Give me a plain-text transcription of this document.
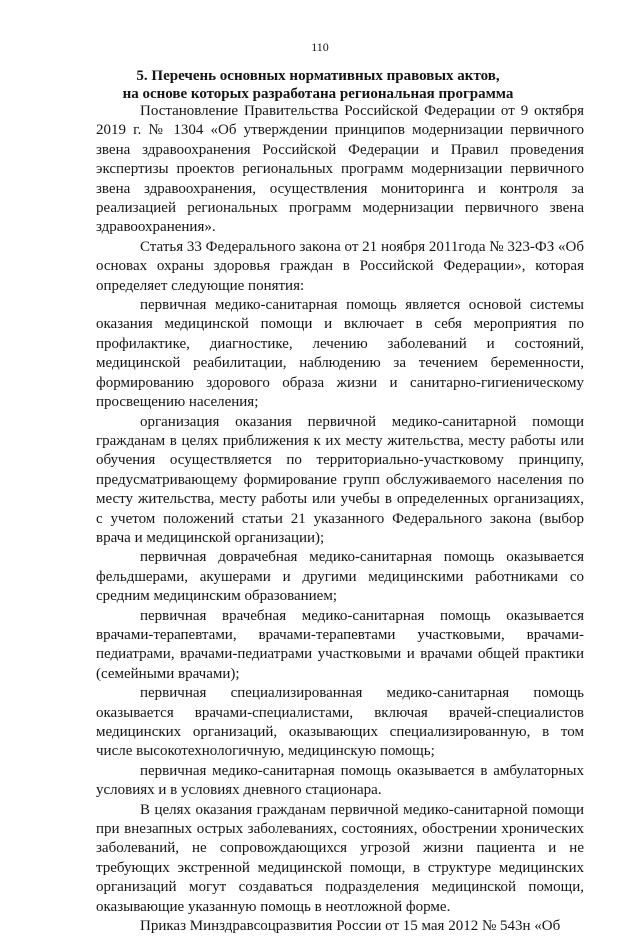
110
5. Перечень основных нормативных правовых актов,
на основе которых разработана региональная программа

Постановление Правительства Российской Федерации от 9 октября 2019 г. № 1304 «Об утверждении принципов модернизации первичного звена здравоохранения Российской Федерации и Правил проведения экспертизы проектов региональных программ модернизации первичного звена здравоохранения, осуществления мониторинга и контроля за реализацией региональных программ модернизации первичного звена здравоохранения».

Статья 33 Федерального закона от 21 ноября 2011года № 323-ФЗ «Об основах охраны здоровья граждан в Российской Федерации», которая определяет следующие понятия:

первичная медико-санитарная помощь является основой системы оказания медицинской помощи и включает в себя мероприятия по профилактике, диагностике, лечению заболеваний и состояний, медицинской реабилитации, наблюдению за течением беременности, формированию здорового образа жизни и санитарно-гигиеническому просвещению населения;

организация оказания первичной медико-санитарной помощи гражданам в целях приближения к их месту жительства, месту работы или обучения осуществляется по территориально-участковому принципу, предусматривающему формирование групп обслуживаемого населения по месту жительства, месту работы или учебы в определенных организациях, с учетом положений статьи 21 указанного Федерального закона (выбор врача и медицинской организации);

первичная доврачебная медико-санитарная помощь оказывается фельдшерами, акушерами и другими медицинскими работниками со средним медицинским образованием;

первичная врачебная медико-санитарная помощь оказывается врачами-терапевтами, врачами-терапевтами участковыми, врачами-педиатрами, врачами-педиатрами участковыми и врачами общей практики (семейными врачами);

первичная специализированная медико-санитарная помощь оказывается врачами-специалистами, включая врачей-специалистов медицинских организаций, оказывающих специализированную, в том числе высокотехнологичную, медицинскую помощь;

первичная медико-санитарная помощь оказывается в амбулаторных условиях и в условиях дневного стационара.

В целях оказания гражданам первичной медико-санитарной помощи при внезапных острых заболеваниях, состояниях, обострении хронических заболеваний, не сопровождающихся угрозой жизни пациента и не требующих экстренной медицинской помощи, в структуре медицинских организаций могут создаваться подразделения медицинской помощи, оказывающие указанную помощь в неотложной форме.

Приказ Минздравсоцразвития России от 15 мая 2012 № 543н «Об
